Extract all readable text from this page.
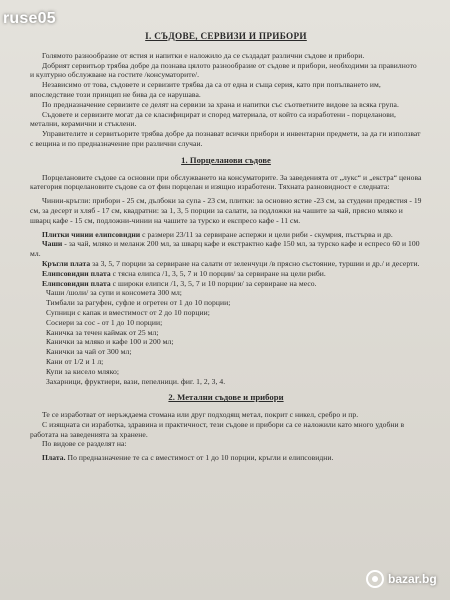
I. СЪДОВЕ, СЕРВИЗИ И ПРИБОРИ

Голямото разнообразие от ястия и напитки е наложило да се създадат различни съдове и прибори.

Добрият сервитьор трябва добре да познава цялото разнообразие от съдове и прибори, необходими за правилното и културно обслужване на гостите /консуматорите/.

Независимо от това, съдовете и сервизите трябва да са от една и съща серия, като при попълването им, впоследствие този принцип не бива да се нарушава.

По предназначение сервизите се делят на сервизи за храна и напитки със съответните видове за всяка група.

Съдовете и сервизите могат да се класифицират и според материала, от който са изработени - порцеланови, метални, керамични и стъклени.

Управителите и сервитьорите трябва добре да познават всички прибори и инвентарни предмети, за да ги използват с вещина и по предназначение при различни случаи.

1. Порцеланови съдове

Порцелановите съдове са основни при обслужването на консуматорите. За заведенията от „лукс“ и „екстра“ ценова категория порцелановите съдове са от фин порцелан и изящно изработени. Тяхната разновидност е следната:

Чинии-кръгли: прибори - 25 см, дълбоки за супа - 23 см, плитки: за основно ястие -23 см, за студени предястия - 19 см, за десерт и хляб - 17 см, квадратни: за 1, 3, 5 порции за салати, за подложки на чашите за чай, прясно мляко и шварц кафе - 15 см, подложни-чинии на чашите за турско и експресо кафе - 11 см.

Плитки чинии елипсовидни с размери 23/11 за сервиране аспержи и цели риби - скумрия, пъстърва и др.

Чаши - за чай, мляко и меланж 200 мл, за шварц кафе и екстрактно кафе 150 мл, за турско кафе и еспресо 60 и 100 мл.

Кръгли плата за 3, 5, 7 порции за сервиране на салати от зеленчуци /в прясно състояние, туршии и др./ и десерти.

Елипсовидни плата с тясна елипса /1, 3, 5, 7 и 10 порции/ за сервиране на цели риби.

Елипсовидни плата с широки елипси /1, 3, 5, 7 и 10 порции/ за сервиране на месо.

Чаши /шоли/ за супи и консомета 300 мл;

Тимбали за рагуфен, суфле и огретен от 1 до 10 порции;

Супници с капак и вместимост от 2 до 10 порции;

Сосиери за сос - от 1 до 10 порции;

Каничка за течен каймак от 25 мл;

Канички за мляко и кафе 100 и 200 мл;

Канички за чай от 300 мл;

Кани от 1/2 и 1 л;

Купи за кисело мляко;

Захарници, фруктиери, вази, пепелници. фиг. 1, 2, 3, 4.

2. Метални съдове и прибори

Те се изработват от неръждаема стомана или друг подходящ метал, покрит с никел, сребро и пр.

С изящната си изработка, здравина и практичност, тези съдове и прибори са се наложили като много удобни в работата на заведенията за хранене.

По видове се разделят на:

Плата. По предназначение те са с вместимост от 1 до 10 порции, кръгли и елипсовидни.

ruse05
bazar.bg
